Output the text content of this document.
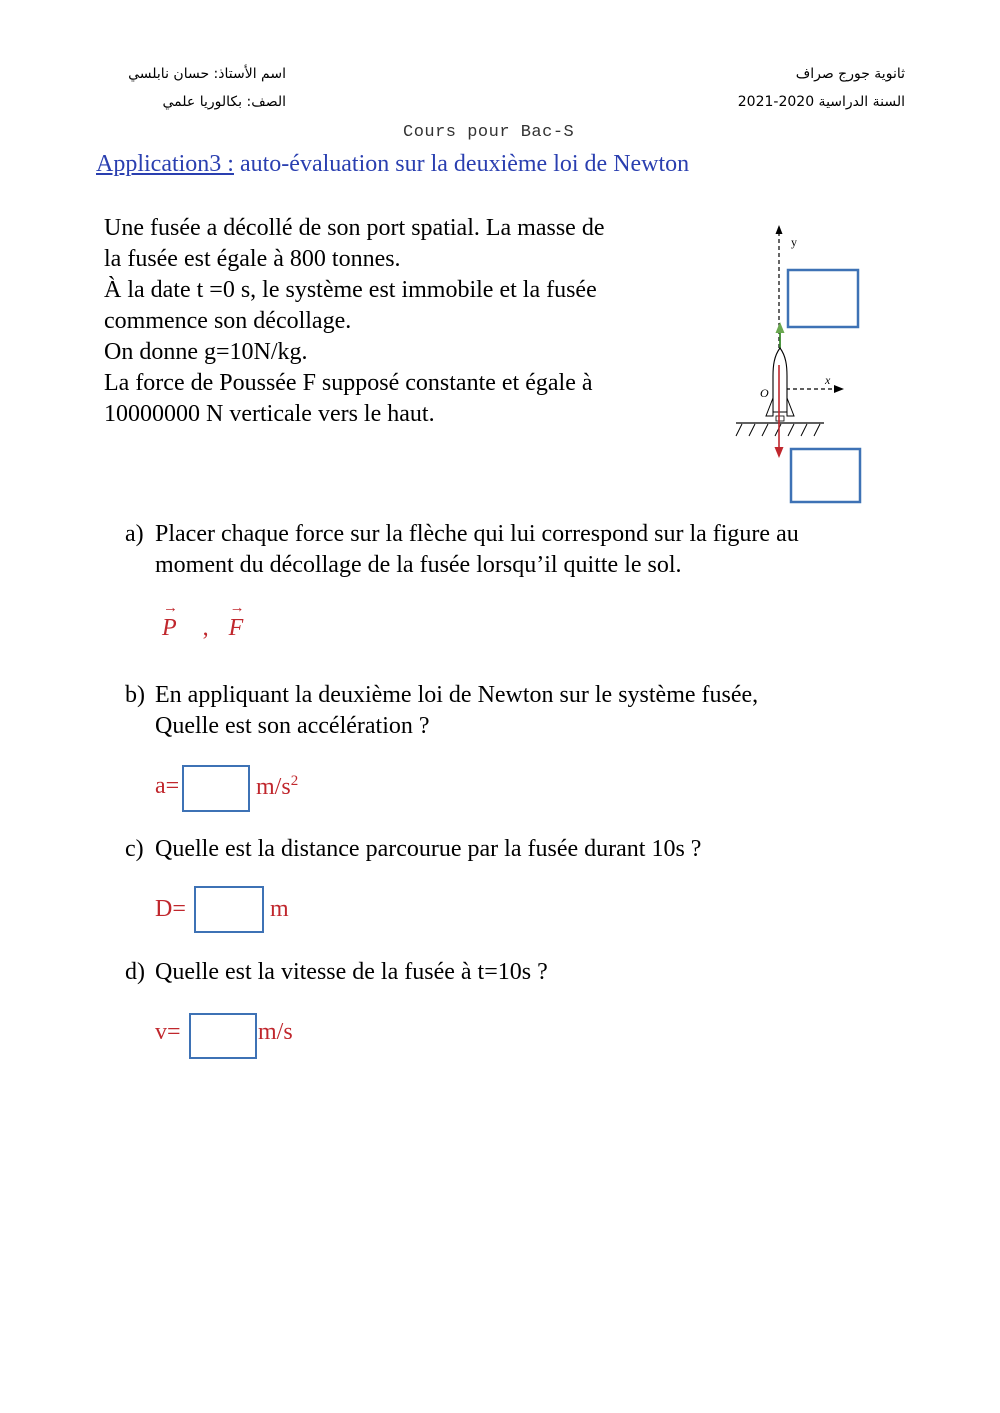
ثانوية جورج صراف
السنة الدراسية 2020-2021
اسم الأستاذ: حسان نابلسي
الصف: بكالوريا علمي
Cours pour Bac-S
Application3 : auto-évaluation sur la deuxième loi de Newton
Une fusée a décollé de son port spatial. La masse de
la fusée est égale à 800 tonnes.
À la date t =0 s, le système est immobile et la fusée
commence son décollage.
On donne g=10N/kg.
La force de Poussée F supposé constante et égale à
10000000 N verticale vers le haut.
y
x
O
a) Placer chaque force sur la flèche qui lui correspond sur la figure au
moment du décollage de la fusée lorsqu’il quitte le sol.
→ P , → F
b) En appliquant la deuxième loi de Newton sur le système fusée,
Quelle est son accélération ?
a=	$m/s^2$
c) Quelle est la distance parcourue par la fusée durant 10s ?
D=	m
d) Quelle est la vitesse de la fusée à t=10s ?
v=	m/s
